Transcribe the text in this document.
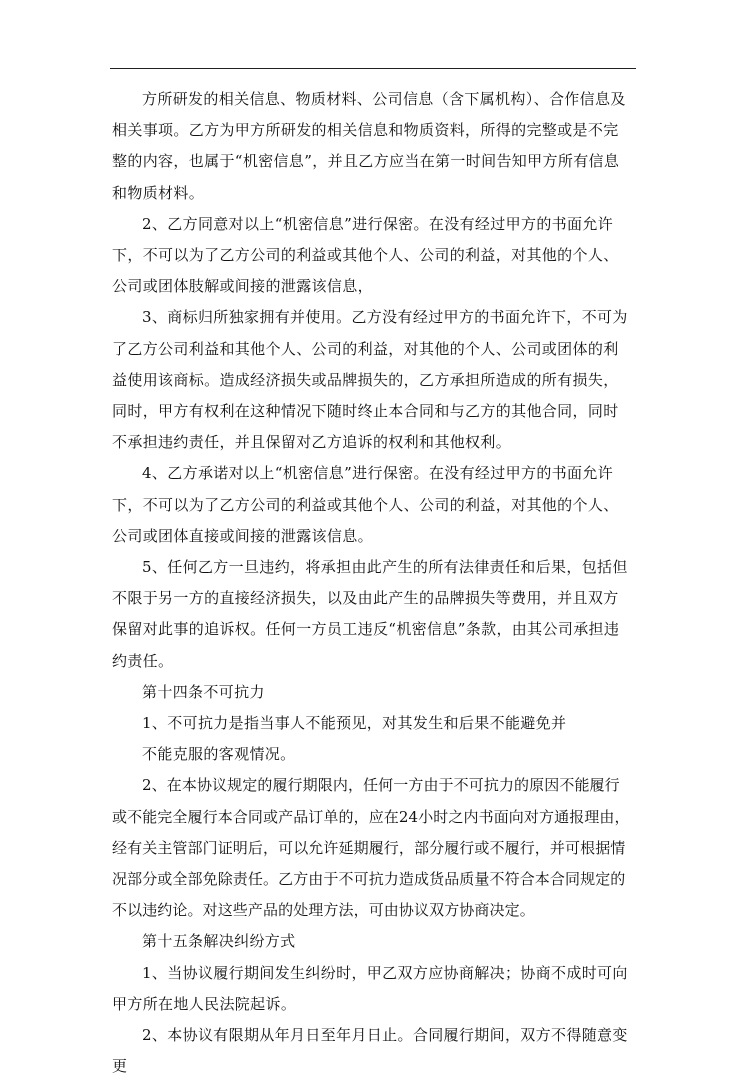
方所研发的相关信息、物质材料、公司信息（含下属机构）、合作信息及相关事项。乙方为甲方所研发的相关信息和物质资料，所得的完整或是不完整的内容，也属于“机密信息”，并且乙方应当在第一时间告知甲方所有信息和物质材料。

2、乙方同意对以上“机密信息”进行保密。在没有经过甲方的书面允许下，不可以为了乙方公司的利益或其他个人、公司的利益，对其他的个人、公司或团体肢解或间接的泄露该信息，

3、商标归所独家拥有并使用。乙方没有经过甲方的书面允许下，不可为了乙方公司利益和其他个人、公司的利益，对其他的个人、公司或团体的利益使用该商标。造成经济损失或品牌损失的，乙方承担所造成的所有损失，同时，甲方有权利在这种情况下随时终止本合同和与乙方的其他合同，同时不承担违约责任，并且保留对乙方追诉的权利和其他权利。

4、乙方承诺对以上“机密信息”进行保密。在没有经过甲方的书面允许下，不可以为了乙方公司的利益或其他个人、公司的利益，对其他的个人、公司或团体直接或间接的泄露该信息。

5、任何乙方一旦违约，将承担由此产生的所有法律责任和后果，包括但不限于另一方的直接经济损失，以及由此产生的品牌损失等费用，并且双方保留对此事的追诉权。任何一方员工违反“机密信息”条款，由其公司承担违约责任。

第十四条不可抗力

1、不可抗力是指当事人不能预见，对其发生和后果不能避免并

不能克服的客观情况。

2、在本协议规定的履行期限内，任何一方由于不可抗力的原因不能履行或不能完全履行本合同或产品订单的，应在24小时之内书面向对方通报理由，经有关主管部门证明后，可以允许延期履行，部分履行或不履行，并可根据情况部分或全部免除责任。乙方由于不可抗力造成货品质量不符合本合同规定的不以违约论。对这些产品的处理方法，可由协议双方协商决定。

第十五条解决纠纷方式

1、当协议履行期间发生纠纷时，甲乙双方应协商解决；协商不成时可向甲方所在地人民法院起诉。

2、本协议有限期从年月日至年月日止。合同履行期间，双方不得随意变更
